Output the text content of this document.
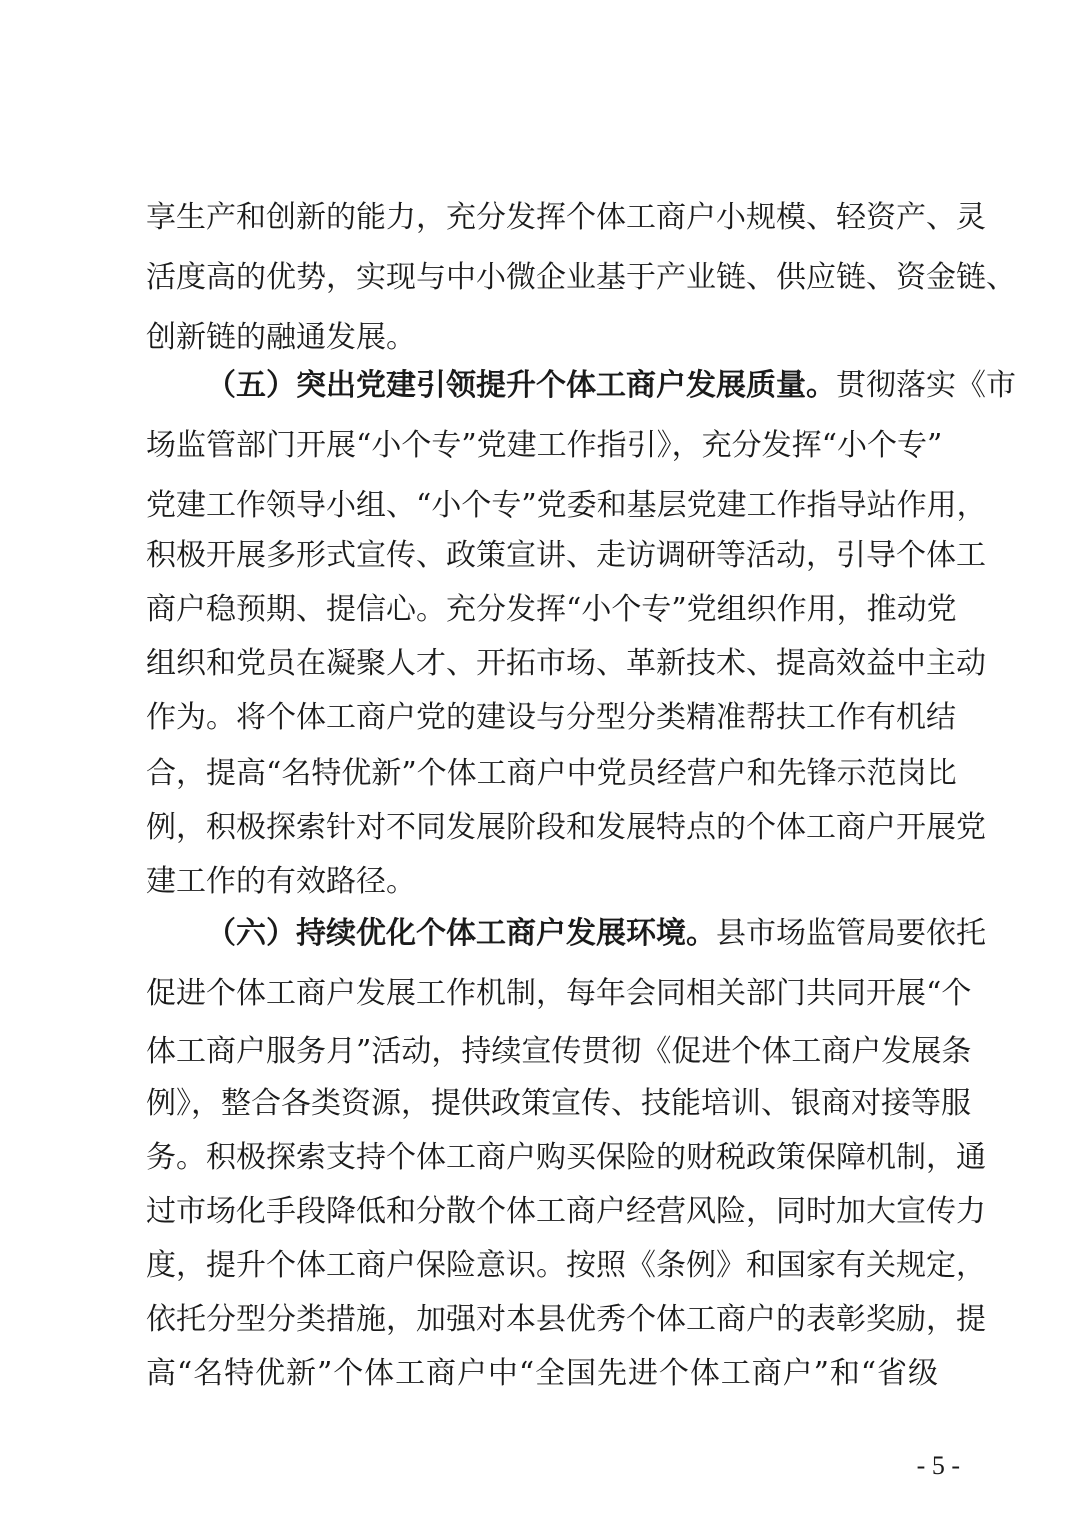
享生产和创新的能力，充分发挥个体工商户小规模、轻资产、灵
活度高的优势，实现与中小微企业基于产业链、供应链、资金链、
创新链的融通发展。
（五）突出党建引领提升个体工商户发展质量。贯彻落实《市
场监管部门开展“小个专”党建工作指引》，充分发挥“小个专”
党建工作领导小组、“小个专”党委和基层党建工作指导站作用，
积极开展多形式宣传、政策宣讲、走访调研等活动，引导个体工
商户稳预期、提信心。充分发挥“小个专”党组织作用，推动党
组织和党员在凝聚人才、开拓市场、革新技术、提高效益中主动
作为。将个体工商户党的建设与分型分类精准帮扶工作有机结
合，提高“名特优新”个体工商户中党员经营户和先锋示范岗比
例，积极探索针对不同发展阶段和发展特点的个体工商户开展党
建工作的有效路径。
（六）持续优化个体工商户发展环境。县市场监管局要依托
促进个体工商户发展工作机制，每年会同相关部门共同开展“个
体工商户服务月”活动，持续宣传贯彻《促进个体工商户发展条
例》，整合各类资源，提供政策宣传、技能培训、银商对接等服
务。积极探索支持个体工商户购买保险的财税政策保障机制，通
过市场化手段降低和分散个体工商户经营风险，同时加大宣传力
度，提升个体工商户保险意识。按照《条例》和国家有关规定，
依托分型分类措施，加强对本县优秀个体工商户的表彰奖励，提
高“名特优新”个体工商户中“全国先进个体工商户”和“省级
- 5 -
